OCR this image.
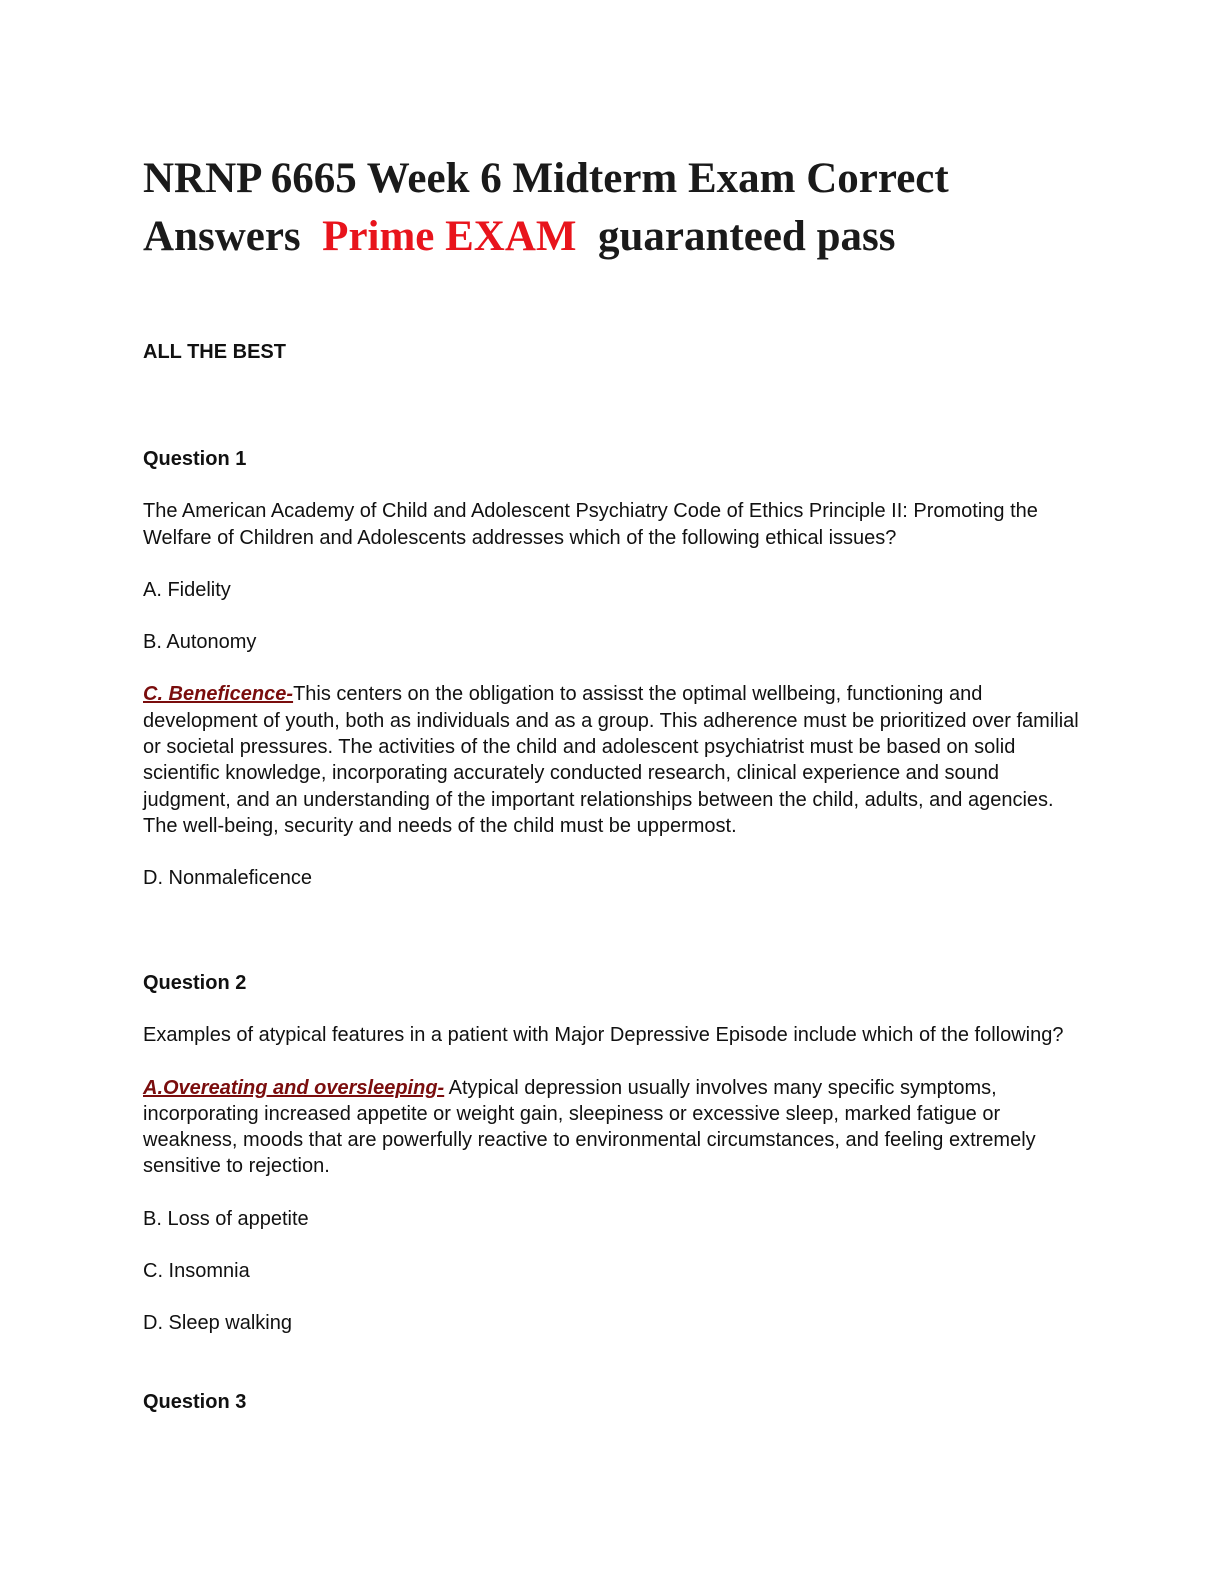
NRNP 6665 Week 6 Midterm Exam Correct Answers Prime EXAM guaranteed pass

ALL THE BEST

Question 1

The American Academy of Child and Adolescent Psychiatry Code of Ethics Principle II: Promoting the Welfare of Children and Adolescents addresses which of the following ethical issues?

A. Fidelity

B. Autonomy

C. Beneficence-This centers on the obligation to assisst the optimal wellbeing, functioning and development of youth, both as individuals and as a group. This adherence must be prioritized over familial or societal pressures. The activities of the child and adolescent psychiatrist must be based on solid scientific knowledge, incorporating accurately conducted research, clinical experience and sound judgment, and an understanding of the important relationships between the child, adults, and agencies. The well-being, security and needs of the child must be uppermost.

D. Nonmaleficence

Question 2

Examples of atypical features in a patient with Major Depressive Episode include which of the following?

A.Overeating and oversleeping- Atypical depression usually involves many specific symptoms, incorporating increased appetite or weight gain, sleepiness or excessive sleep, marked fatigue or weakness, moods that are powerfully reactive to environmental circumstances, and feeling extremely sensitive to rejection.

B. Loss of appetite

C. Insomnia

D. Sleep walking

Question 3
